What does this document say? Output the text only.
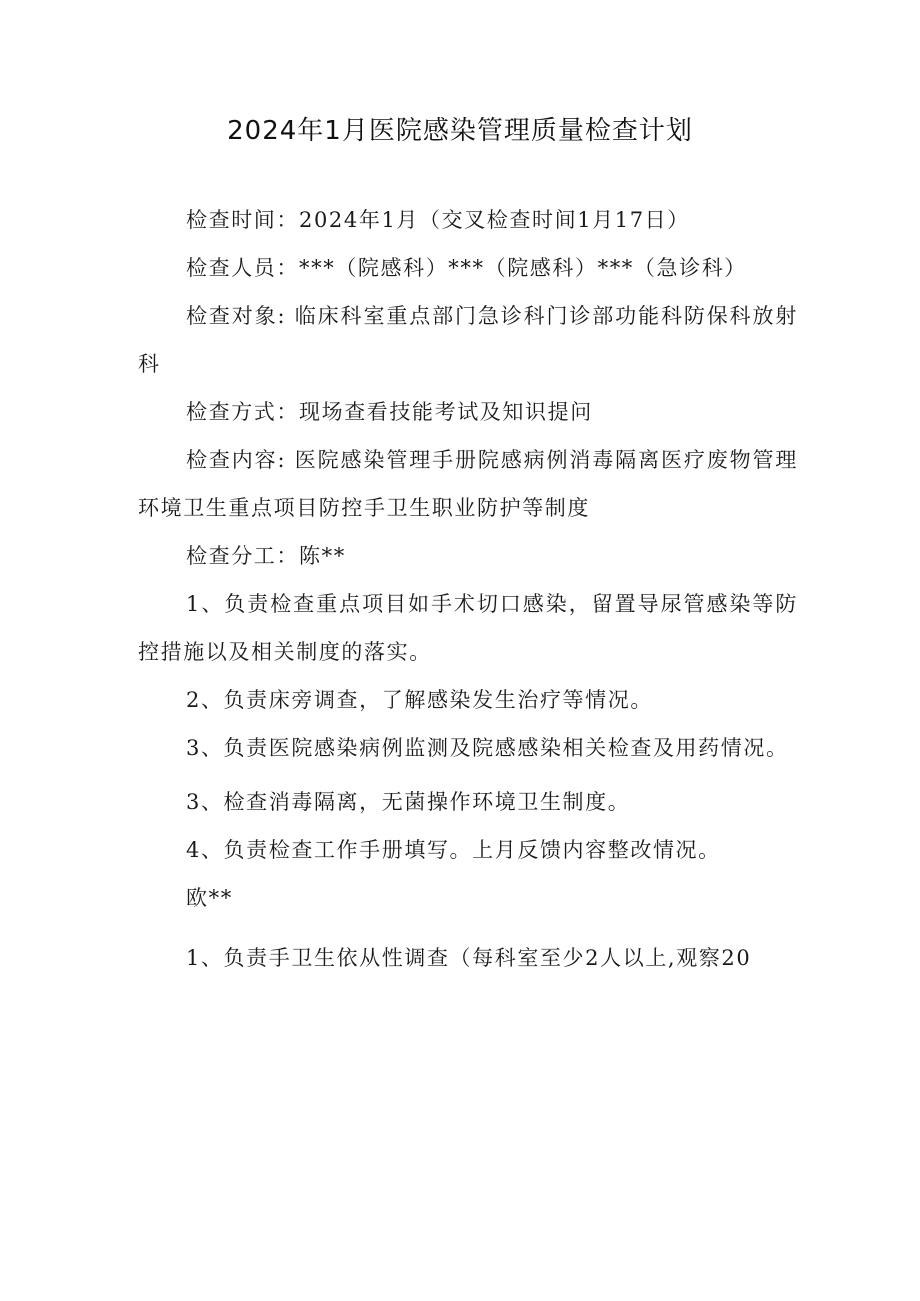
2024年1月医院感染管理质量检查计划

检查时间：2024年1月（交叉检查时间1月17日）

检查人员：***（院感科）***（院感科）***（急诊科）

检查对象: 临床科室重点部门急诊科门诊部功能科防保科放射科

检查方式：现场查看技能考试及知识提问

检查内容: 医院感染管理手册院感病例消毒隔离医疗废物管理环境卫生重点项目防控手卫生职业防护等制度

检查分工：陈**

1、负责检查重点项目如手术切口感染，留置导尿管感染等防控措施以及相关制度的落实。

2、负责床旁调查，了解感染发生治疗等情况。

3、负责医院感染病例监测及院感感染相关检查及用药情况。

3、检查消毒隔离，无菌操作环境卫生制度。

4、负责检查工作手册填写。上月反馈内容整改情况。

欧**

1、负责手卫生依从性调查（每科室至少2人以上,观察20
